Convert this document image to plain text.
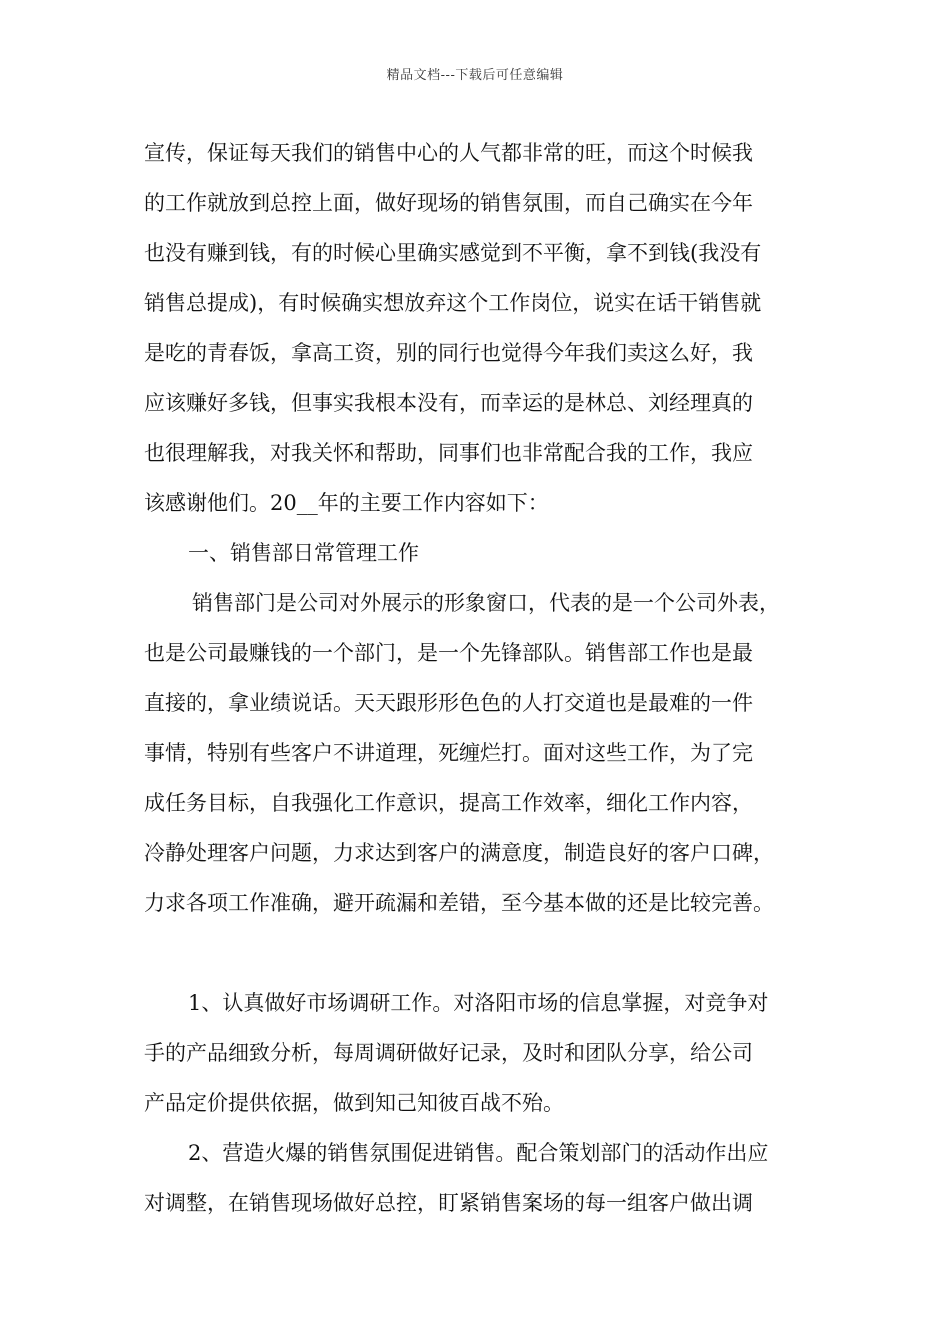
精品文档---下载后可任意编辑
宣传，保证每天我们的销售中心的人气都非常的旺，而这个时候我
的工作就放到总控上面，做好现场的销售氛围，而自己确实在今年
也没有赚到钱，有的时候心里确实感觉到不平衡，拿不到钱(我没有
销售总提成)，有时候确实想放弃这个工作岗位，说实在话干销售就
是吃的青春饭，拿高工资，别的同行也觉得今年我们卖这么好，我
应该赚好多钱，但事实我根本没有，而幸运的是林总、刘经理真的
也很理解我，对我关怀和帮助，同事们也非常配合我的工作，我应
该感谢他们。20__年的主要工作内容如下：
一、销售部日常管理工作
销售部门是公司对外展示的形象窗口，代表的是一个公司外表，
也是公司最赚钱的一个部门，是一个先锋部队。销售部工作也是最
直接的，拿业绩说话。天天跟形形色色的人打交道也是最难的一件
事情，特别有些客户不讲道理，死缠烂打。面对这些工作，为了完
成任务目标，自我强化工作意识，提高工作效率，细化工作内容，
冷静处理客户问题，力求达到客户的满意度，制造良好的客户口碑，
力求各项工作准确，避开疏漏和差错，至今基本做的还是比较完善。
1、认真做好市场调研工作。对洛阳市场的信息掌握，对竞争对
手的产品细致分析，每周调研做好记录，及时和团队分享，给公司
产品定价提供依据，做到知己知彼百战不殆。
2、营造火爆的销售氛围促进销售。配合策划部门的活动作出应
对调整，在销售现场做好总控，盯紧销售案场的每一组客户做出调
